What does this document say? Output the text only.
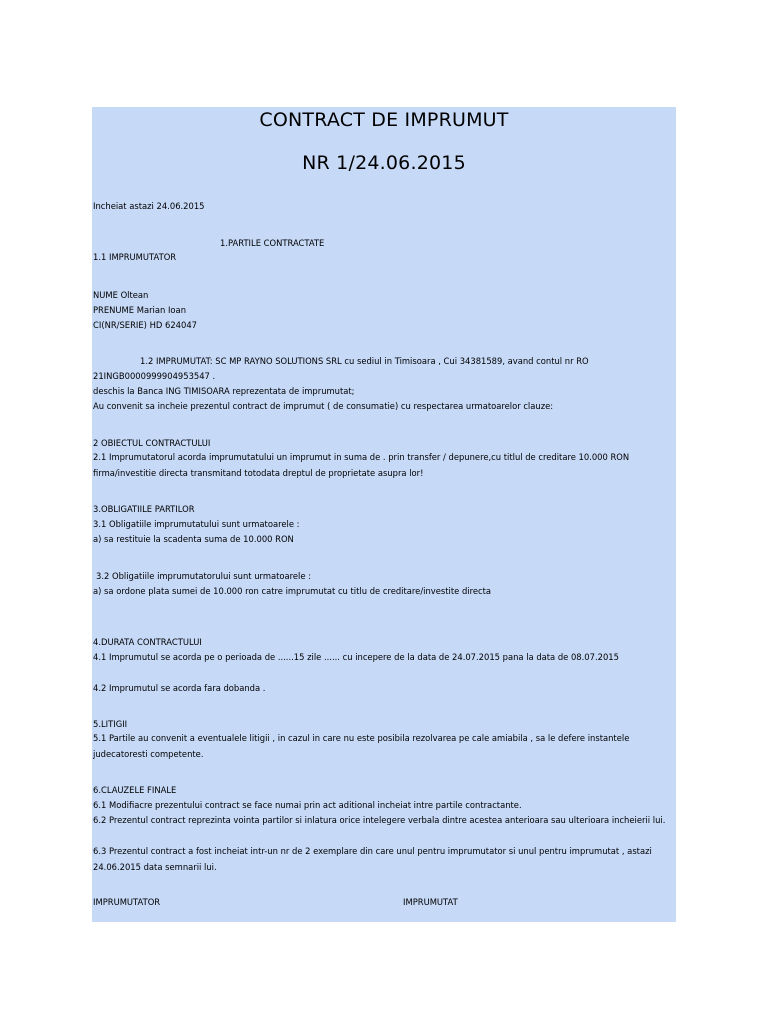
CONTRACT DE IMPRUMUT
NR 1/24.06.2015
Incheiat astazi 24.06.2015
1.PARTILE CONTRACTATE
1.1 IMPRUMUTATOR
NUME Oltean
PRENUME Marian Ioan
CI(NR/SERIE) HD 624047
1.2 IMPRUMUTAT: SC MP RAYNO SOLUTIONS SRL cu sediul in Timisoara , Cui 34381589, avand contul nr RO
21INGB0000999904953547 .
deschis la Banca ING TIMISOARA reprezentata de imprumutat;
Au convenit sa incheie prezentul contract de imprumut ( de consumatie) cu respectarea urmatoarelor clauze:
2 OBIECTUL CONTRACTULUI
2.1 Imprumutatorul acorda imprumutatului un imprumut in suma de . prin transfer / depunere,cu titlul de creditare 10.000 RON firma/investitie directa transmitand totodata dreptul de proprietate asupra lor!
3.OBLIGATIILE PARTILOR
3.1 Obligatiile imprumutatului sunt urmatoarele :
a) sa restituie la scadenta suma de 10.000 RON
3.2 Obligatiile imprumutatorului sunt urmatoarele :
a) sa ordone plata sumei de 10.000 ron catre imprumutat cu titlu de creditare/investite directa
4.DURATA CONTRACTULUI
4.1 Imprumutul se acorda pe o perioada de ......15 zile ...... cu incepere de la data de 24.07.2015 pana la data de 08.07.2015
4.2 Imprumutul se acorda fara dobanda .
5.LITIGII
5.1 Partile au convenit a eventualele litigii , in cazul in care nu este posibila rezolvarea pe cale amiabila , sa le defere instantele judecatoresti competente.
6.CLAUZELE FINALE
6.1 Modifiacre prezentului contract se face numai prin act aditional incheiat intre partile contractante.
6.2 Prezentul contract reprezinta vointa partilor si inlatura orice intelegere verbala dintre acestea anterioara sau ulterioara incheierii lui.
6.3 Prezentul contract a fost incheiat intr-un nr de 2 exemplare din care unul pentru imprumutator si unul pentru imprumutat , astazi 24.06.2015 data semnarii lui.
IMPRUMUTATOR	IMPRUMUTAT
